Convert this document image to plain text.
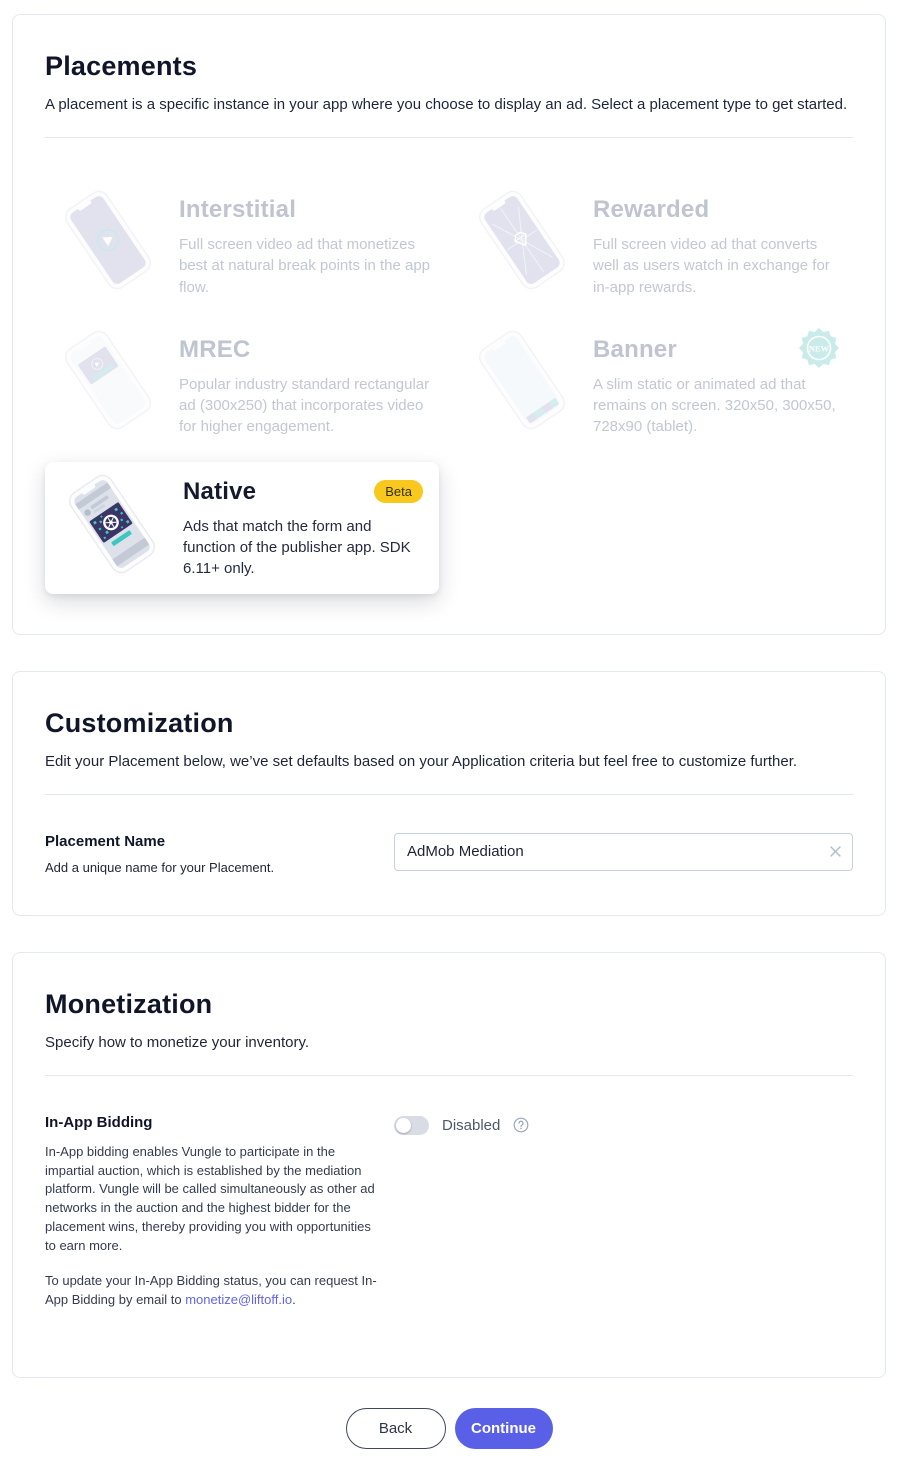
Placements

A placement is a specific instance in your app where you choose to display an ad. Select a placement type to get started.

Interstitial

Full screen video ad that monetizes best at natural break points in the app flow.

Rewarded

Full screen video ad that converts well as users watch in exchange for in-app rewards.

MREC

Popular industry standard rectangular ad (300x250) that incorporates video for higher engagement.

Banner

A slim static or animated ad that remains on screen. 320x50, 300x50, 728x90 (tablet).

NEW
Native	Beta

Ads that match the form and function of the publisher app. SDK 6.11+ only.

Customization

Edit your Placement below, we’ve set defaults based on your Application criteria but feel free to customize further.

Placement Name
Add a unique name for your Placement.
AdMob Mediation
Monetization

Specify how to monetize your inventory.

In-App Bidding

In-App bidding enables Vungle to participate in the impartial auction, which is established by the mediation platform. Vungle will be called simultaneously as other ad networks in the auction and the highest bidder for the placement wins, thereby providing you with opportunities to earn more.

To update your In-App Bidding status, you can request In-App Bidding by email to monetize@liftoff.io.

Disabled
Back	Continue
